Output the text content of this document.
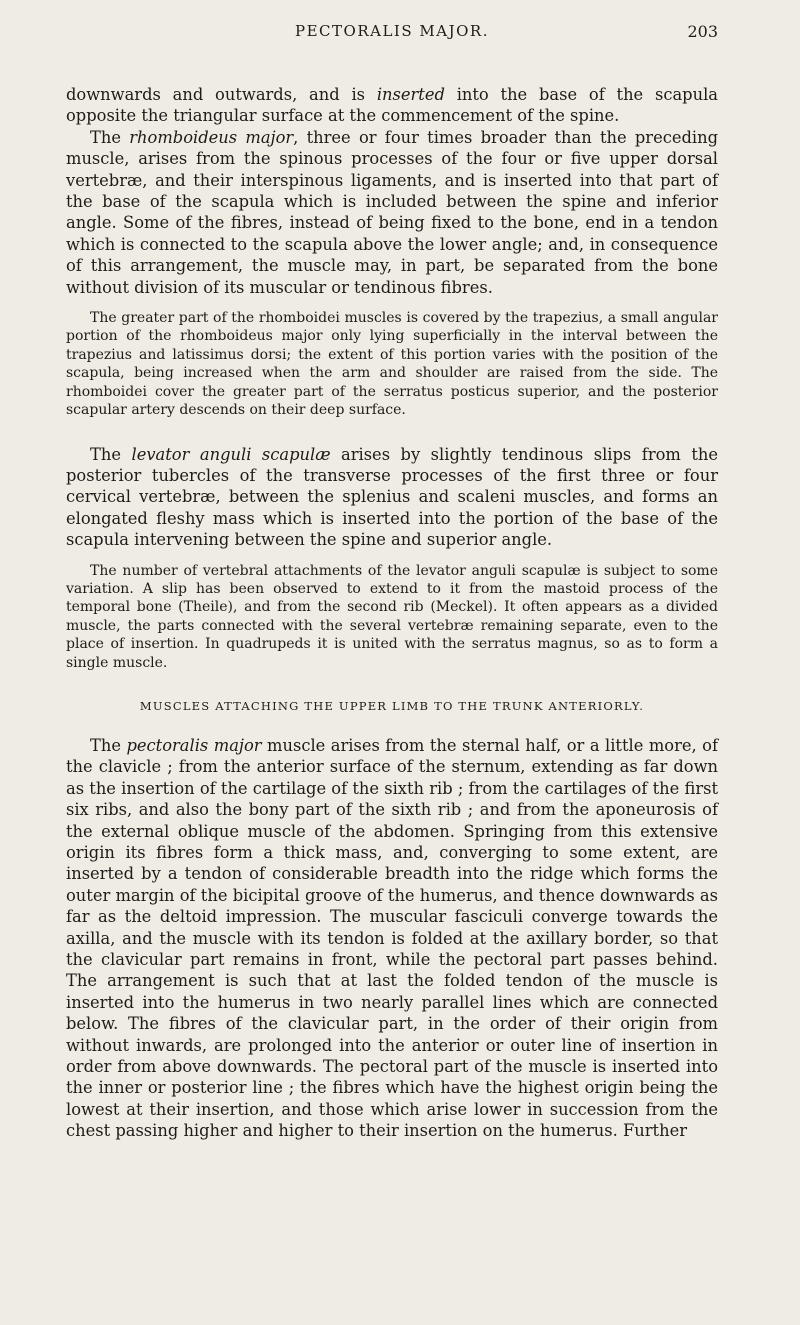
PECTORALIS MAJOR.	203

downwards and outwards, and is inserted into the base of the scapula opposite the triangular surface at the commencement of the spine.

The rhomboideus major, three or four times broader than the preceding muscle, arises from the spinous processes of the four or five upper dorsal vertebræ, and their interspinous ligaments, and is inserted into that part of the base of the scapula which is included between the spine and inferior angle. Some of the fibres, instead of being fixed to the bone, end in a tendon which is connected to the scapula above the lower angle; and, in consequence of this arrangement, the muscle may, in part, be separated from the bone without division of its muscular or tendinous fibres.

The greater part of the rhomboidei muscles is covered by the trapezius, a small angular portion of the rhomboideus major only lying superficially in the interval between the trapezius and latissimus dorsi; the extent of this portion varies with the position of the scapula, being increased when the arm and shoulder are raised from the side. The rhomboidei cover the greater part of the serratus posticus superior, and the posterior scapular artery descends on their deep surface.

The levator anguli scapulæ arises by slightly tendinous slips from the posterior tubercles of the transverse processes of the first three or four cervical vertebræ, between the splenius and scaleni muscles, and forms an elongated fleshy mass which is inserted into the portion of the base of the scapula intervening between the spine and superior angle.

The number of vertebral attachments of the levator anguli scapulæ is subject to some variation. A slip has been observed to extend to it from the mastoid process of the temporal bone (Theile), and from the second rib (Meckel). It often appears as a divided muscle, the parts connected with the several vertebræ remaining separate, even to the place of insertion. In quadrupeds it is united with the serratus magnus, so as to form a single muscle.

MUSCLES ATTACHING THE UPPER LIMB TO THE TRUNK ANTERIORLY.

The pectoralis major muscle arises from the sternal half, or a little more, of the clavicle ; from the anterior surface of the sternum, extending as far down as the insertion of the cartilage of the sixth rib ; from the cartilages of the first six ribs, and also the bony part of the sixth rib ; and from the aponeurosis of the external oblique muscle of the abdomen. Springing from this extensive origin its fibres form a thick mass, and, converging to some extent, are inserted by a tendon of considerable breadth into the ridge which forms the outer margin of the bicipital groove of the humerus, and thence downwards as far as the deltoid impression. The muscular fasciculi converge towards the axilla, and the muscle with its tendon is folded at the axillary border, so that the clavicular part remains in front, while the pectoral part passes behind. The arrangement is such that at last the folded tendon of the muscle is inserted into the humerus in two nearly parallel lines which are connected below. The fibres of the clavicular part, in the order of their origin from without inwards, are prolonged into the anterior or outer line of insertion in order from above downwards. The pectoral part of the muscle is inserted into the inner or posterior line ; the fibres which have the highest origin being the lowest at their insertion, and those which arise lower in succession from the chest passing higher and higher to their insertion on the humerus. Further
